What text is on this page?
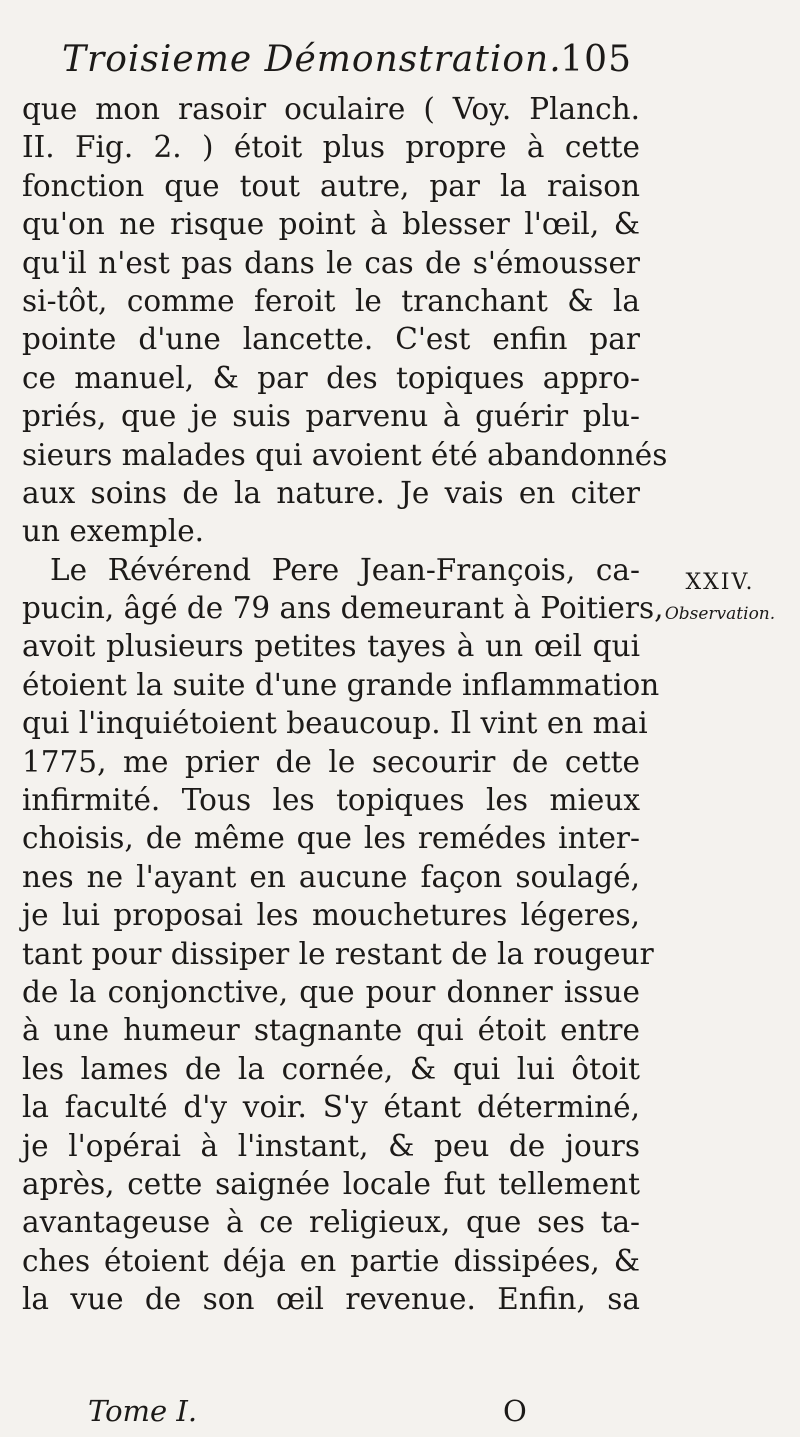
Troisieme Démonstration.
105
que mon rasoir oculaire ( Voy. Planch.
II. Fig. 2. ) étoit plus propre à cette
fonction que tout autre, par la raison
qu'on ne risque point à blesser l'œil, &
qu'il n'est pas dans le cas de s'émousser
si-tôt, comme feroit le tranchant & la
pointe d'une lancette. C'est enfin par
ce manuel, & par des topiques appro-
priés, que je suis parvenu à guérir plu-
sieurs malades qui avoient été abandonnés
aux soins de la nature. Je vais en citer
un exemple.
Le Révérend Pere Jean-François, ca-
pucin, âgé de 79 ans demeurant à Poitiers,
avoit plusieurs petites tayes à un œil qui
étoient la suite d'une grande inflammation
qui l'inquiétoient beaucoup. Il vint en mai
1775, me prier de le secourir de cette
infirmité. Tous les topiques les mieux
choisis, de même que les remédes inter-
nes ne l'ayant en aucune façon soulagé,
je lui proposai les mouchetures légeres,
tant pour dissiper le restant de la rougeur
de la conjonctive, que pour donner issue
à une humeur stagnante qui étoit entre
les lames de la cornée, & qui lui ôtoit
la faculté d'y voir. S'y étant déterminé,
je l'opérai à l'instant, & peu de jours
après, cette saignée locale fut tellement
avantageuse à ce religieux, que ses ta-
ches étoient déja en partie dissipées, &
la vue de son œil revenue. Enfin, sa
XXIV.
Observation.
Tome I.	O
